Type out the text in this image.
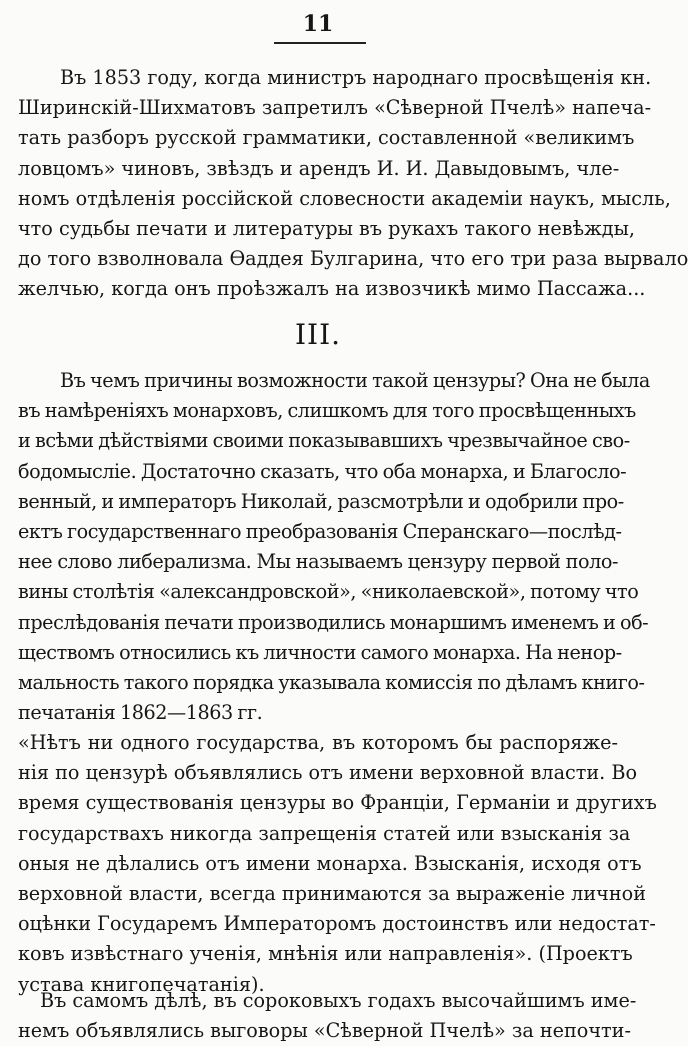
11
Въ 1853 году, когда министръ народнаго просвѣщенія кн.
Ширинскій-Шихматовъ запретилъ «Сѣверной Пчелѣ» напеча-
тать разборъ русской грамматики, составленной «великимъ
ловцомъ» чиновъ, звѣздъ и арендъ И. И. Давыдовымъ, чле-
номъ отдѣленія россійской словесности академіи наукъ, мысль,
что судьбы печати и литературы въ рукахъ такого невѣжды,
до того взволновала Ѳаддея Булгарина, что его три раза вырвало
желчью, когда онъ проѣзжалъ на извозчикѣ мимо Пассажа...
III.
Въ чемъ причины возможности такой цензуры? Она не была
въ намѣреніяхъ монарховъ, слишкомъ для того просвѣщенныхъ
и всѣми дѣйствіями своими показывавшихъ чрезвычайное сво-
бодомысліе. Достаточно сказать, что оба монарха, и Благосло-
венный, и императоръ Николай, разсмотрѣли и одобрили про-
ектъ государственнаго преобразованія Сперанскаго—послѣд-
нее слово либерализма. Мы называемъ цензуру первой поло-
вины столѣтія «александровской», «николаевской», потому что
преслѣдованія печати производились монаршимъ именемъ и об-
ществомъ относились къ личности самого монарха. На ненор-
мальность такого порядка указывала комиссія по дѣламъ книго-
печатанія 1862—1863 гг.
«Нѣтъ ни одного государства, въ которомъ бы распоряже-
нія по цензурѣ объявлялись отъ имени верховной власти. Во
время существованія цензуры во Франціи, Германіи и другихъ
государствахъ никогда запрещенія статей или взысканія за
оныя не дѣлались отъ имени монарха. Взысканія, исходя отъ
верховной власти, всегда принимаются за выраженіе личной
оцѣнки Государемъ Императоромъ достоинствъ или недостат-
ковъ извѣстнаго ученія, мнѣнія или направленія». (Проектъ
устава книгопечатанія).
Въ самомъ дѣлѣ, въ сороковыхъ годахъ высочайшимъ име-
немъ объявлялись выговоры «Сѣверной Пчелѣ» за непочти-
